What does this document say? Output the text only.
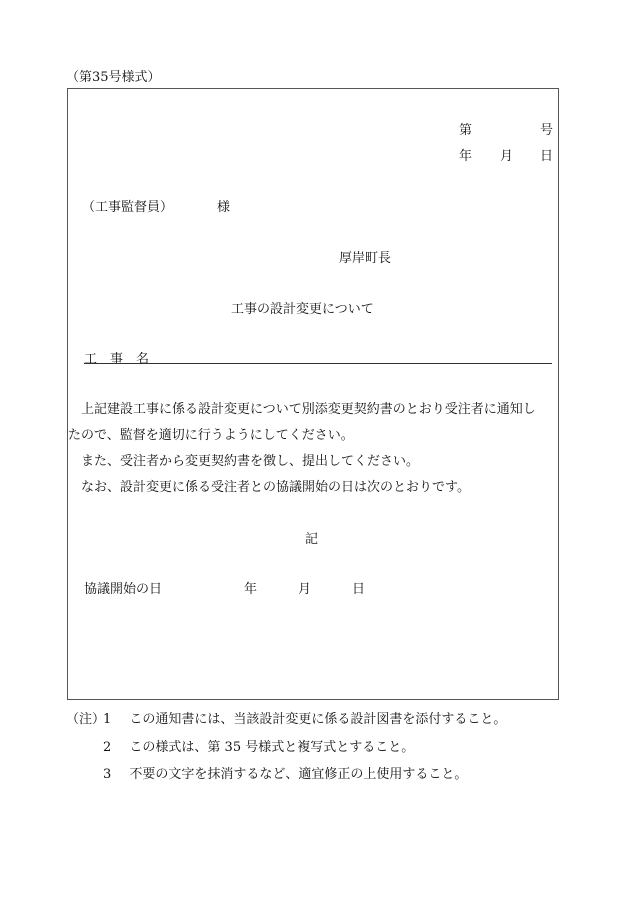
（第35号様式）
第	号
年 月 日
（工事監督員）	様
厚岸町長
工事の設計変更について
工　事　名
　上記建設工事に係る設計変更について別添変更契約書のとおり受注者に通知し
たので、監督を適切に行うようにしてください。
　また、受注者から変更契約書を徴し、提出してください。
　なお、設計変更に係る受注者との協議開始の日は次のとおりです。
記
協議開始の日	年	月	日
（注）
1 この通知書には、当該設計変更に係る設計図書を添付すること。
2 この様式は、第 35 号様式と複写式とすること。
3 不要の文字を抹消するなど、適宜修正の上使用すること。
